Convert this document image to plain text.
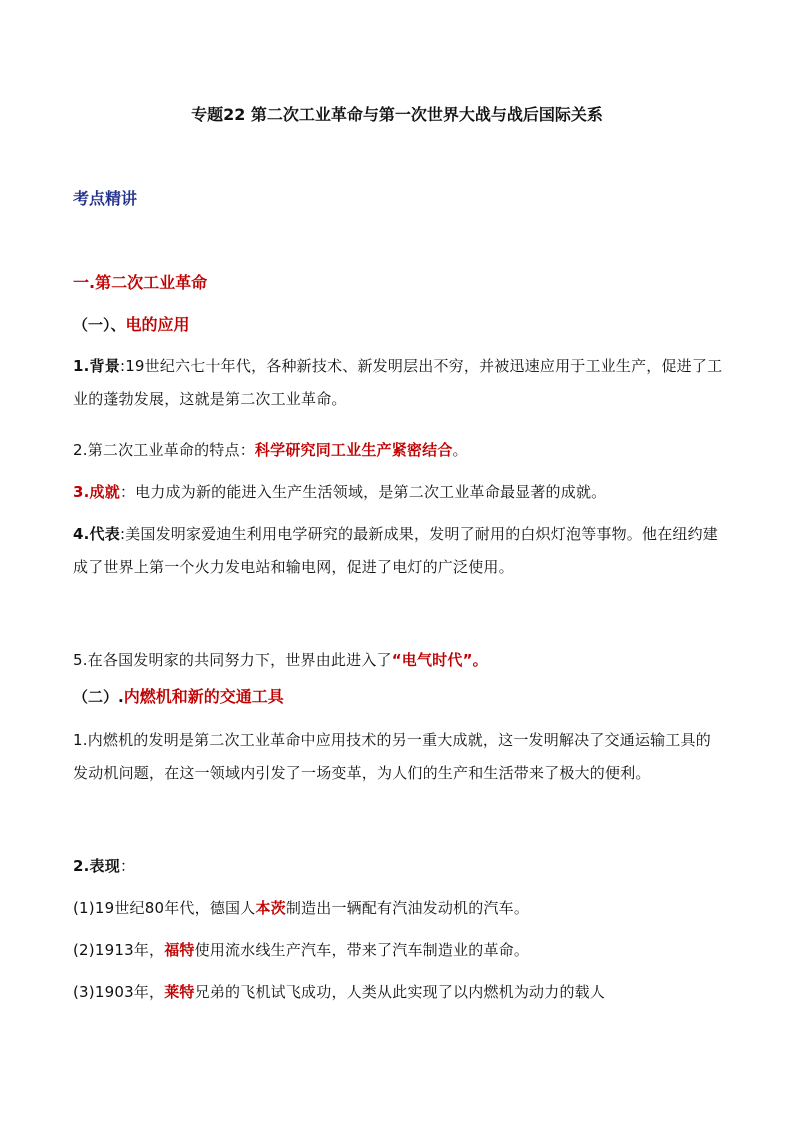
专题22 第二次工业革命与第一次世界大战与战后国际关系
考点精讲
一.第二次工业革命
（一）、电的应用
1.背景:19世纪六七十年代，各种新技术、新发明层出不穷，并被迅速应用于工业生产，促进了工业的蓬勃发展，这就是第二次工业革命。
2.第二次工业革命的特点：科学研究同工业生产紧密结合。
3.成就：电力成为新的能进入生产生活领域，是第二次工业革命最显著的成就。
4.代表:美国发明家爱迪生利用电学研究的最新成果，发明了耐用的白炽灯泡等事物。他在纽约建成了世界上第一个火力发电站和输电网，促进了电灯的广泛使用。
5.在各国发明家的共同努力下，世界由此进入了“电气时代”。
（二）.内燃机和新的交通工具
1.内燃机的发明是第二次工业革命中应用技术的另一重大成就，这一发明解决了交通运输工具的发动机问题，在这一领域内引发了一场变革，为人们的生产和生活带来了极大的便利。
2.表现：
(1)19世纪80年代，德国人本茨制造出一辆配有汽油发动机的汽车。
(2)1913年，福特使用流水线生产汽车，带来了汽车制造业的革命。
(3)1903年，莱特兄弟的飞机试飞成功，人类从此实现了以内燃机为动力的载人
